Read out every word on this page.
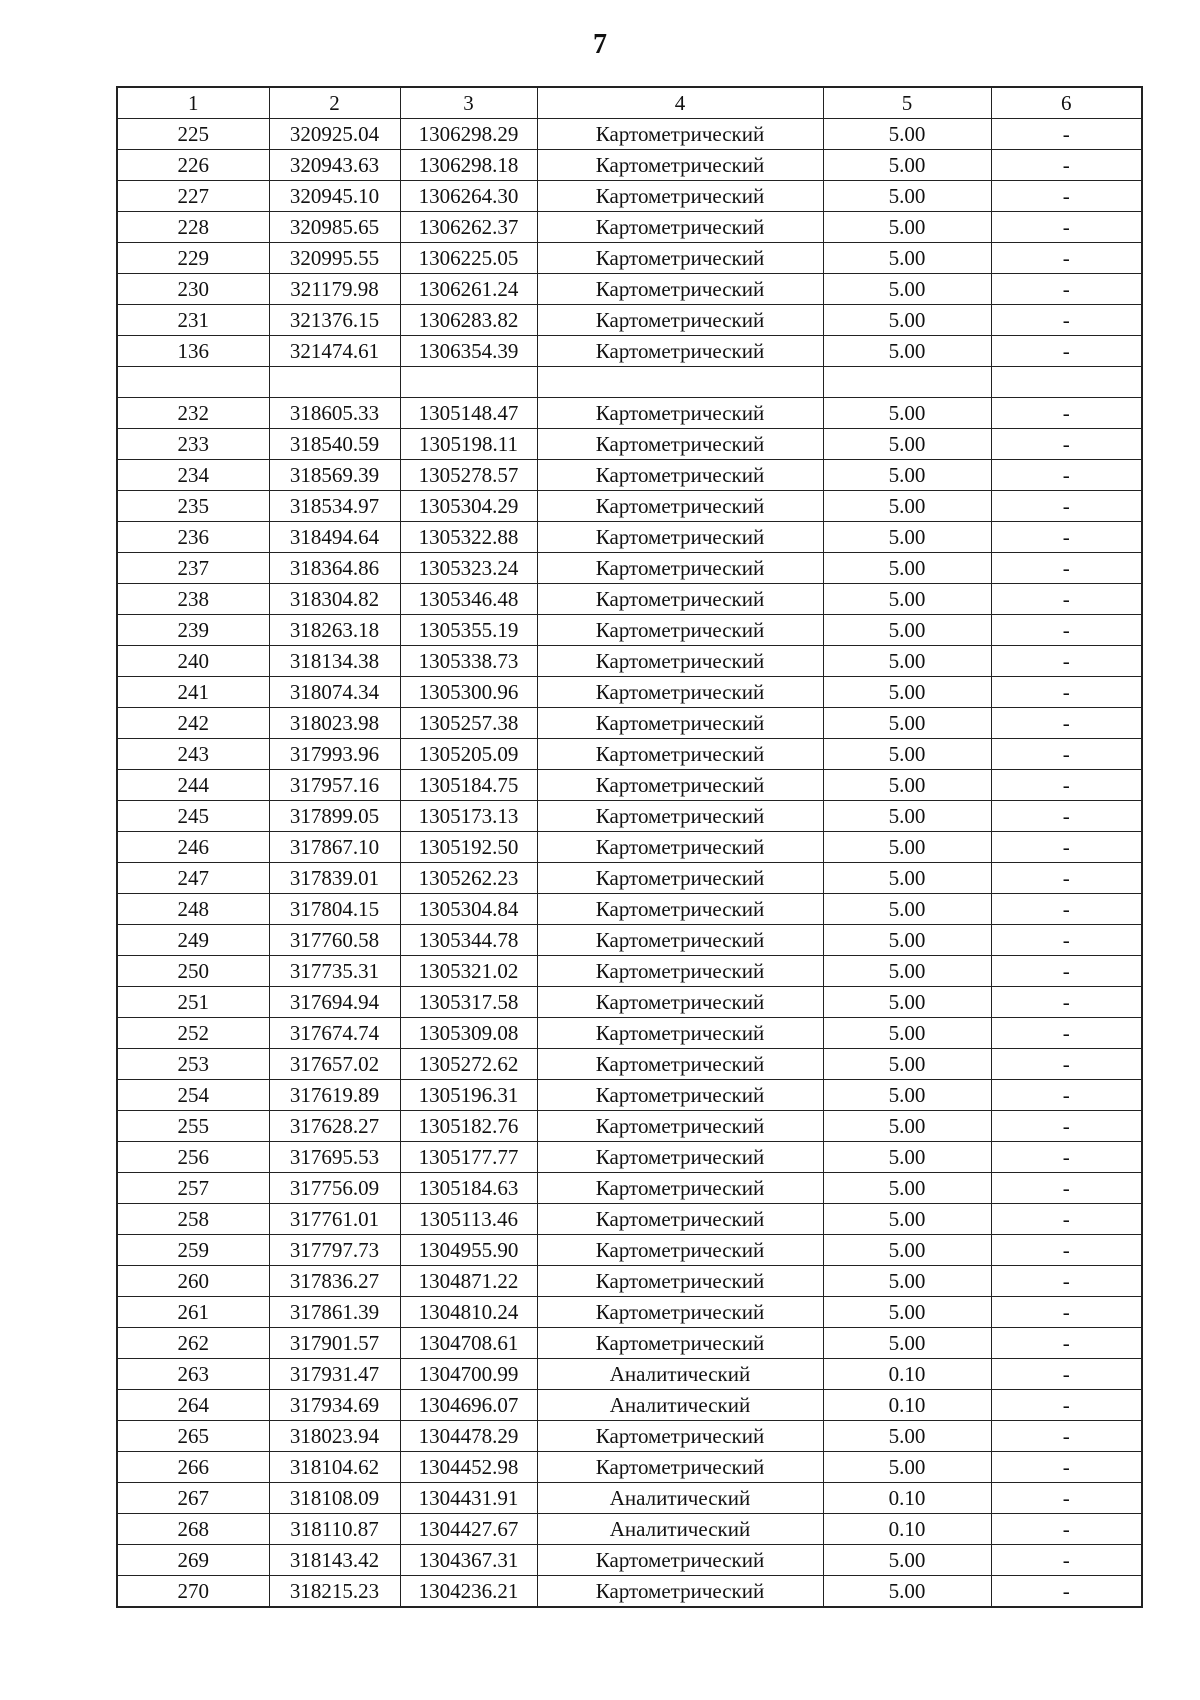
7
1	2	3	4	5	6
225	320925.04	1306298.29	Картометрический	5.00	-
226	320943.63	1306298.18	Картометрический	5.00	-
227	320945.10	1306264.30	Картометрический	5.00	-
228	320985.65	1306262.37	Картометрический	5.00	-
229	320995.55	1306225.05	Картометрический	5.00	-
230	321179.98	1306261.24	Картометрический	5.00	-
231	321376.15	1306283.82	Картометрический	5.00	-
136	321474.61	1306354.39	Картометрический	5.00	-

232	318605.33	1305148.47	Картометрический	5.00	-
233	318540.59	1305198.11	Картометрический	5.00	-
234	318569.39	1305278.57	Картометрический	5.00	-
235	318534.97	1305304.29	Картометрический	5.00	-
236	318494.64	1305322.88	Картометрический	5.00	-
237	318364.86	1305323.24	Картометрический	5.00	-
238	318304.82	1305346.48	Картометрический	5.00	-
239	318263.18	1305355.19	Картометрический	5.00	-
240	318134.38	1305338.73	Картометрический	5.00	-
241	318074.34	1305300.96	Картометрический	5.00	-
242	318023.98	1305257.38	Картометрический	5.00	-
243	317993.96	1305205.09	Картометрический	5.00	-
244	317957.16	1305184.75	Картометрический	5.00	-
245	317899.05	1305173.13	Картометрический	5.00	-
246	317867.10	1305192.50	Картометрический	5.00	-
247	317839.01	1305262.23	Картометрический	5.00	-
248	317804.15	1305304.84	Картометрический	5.00	-
249	317760.58	1305344.78	Картометрический	5.00	-
250	317735.31	1305321.02	Картометрический	5.00	-
251	317694.94	1305317.58	Картометрический	5.00	-
252	317674.74	1305309.08	Картометрический	5.00	-
253	317657.02	1305272.62	Картометрический	5.00	-
254	317619.89	1305196.31	Картометрический	5.00	-
255	317628.27	1305182.76	Картометрический	5.00	-
256	317695.53	1305177.77	Картометрический	5.00	-
257	317756.09	1305184.63	Картометрический	5.00	-
258	317761.01	1305113.46	Картометрический	5.00	-
259	317797.73	1304955.90	Картометрический	5.00	-
260	317836.27	1304871.22	Картометрический	5.00	-
261	317861.39	1304810.24	Картометрический	5.00	-
262	317901.57	1304708.61	Картометрический	5.00	-
263	317931.47	1304700.99	Аналитический	0.10	-
264	317934.69	1304696.07	Аналитический	0.10	-
265	318023.94	1304478.29	Картометрический	5.00	-
266	318104.62	1304452.98	Картометрический	5.00	-
267	318108.09	1304431.91	Аналитический	0.10	-
268	318110.87	1304427.67	Аналитический	0.10	-
269	318143.42	1304367.31	Картометрический	5.00	-
270	318215.23	1304236.21	Картометрический	5.00	-
